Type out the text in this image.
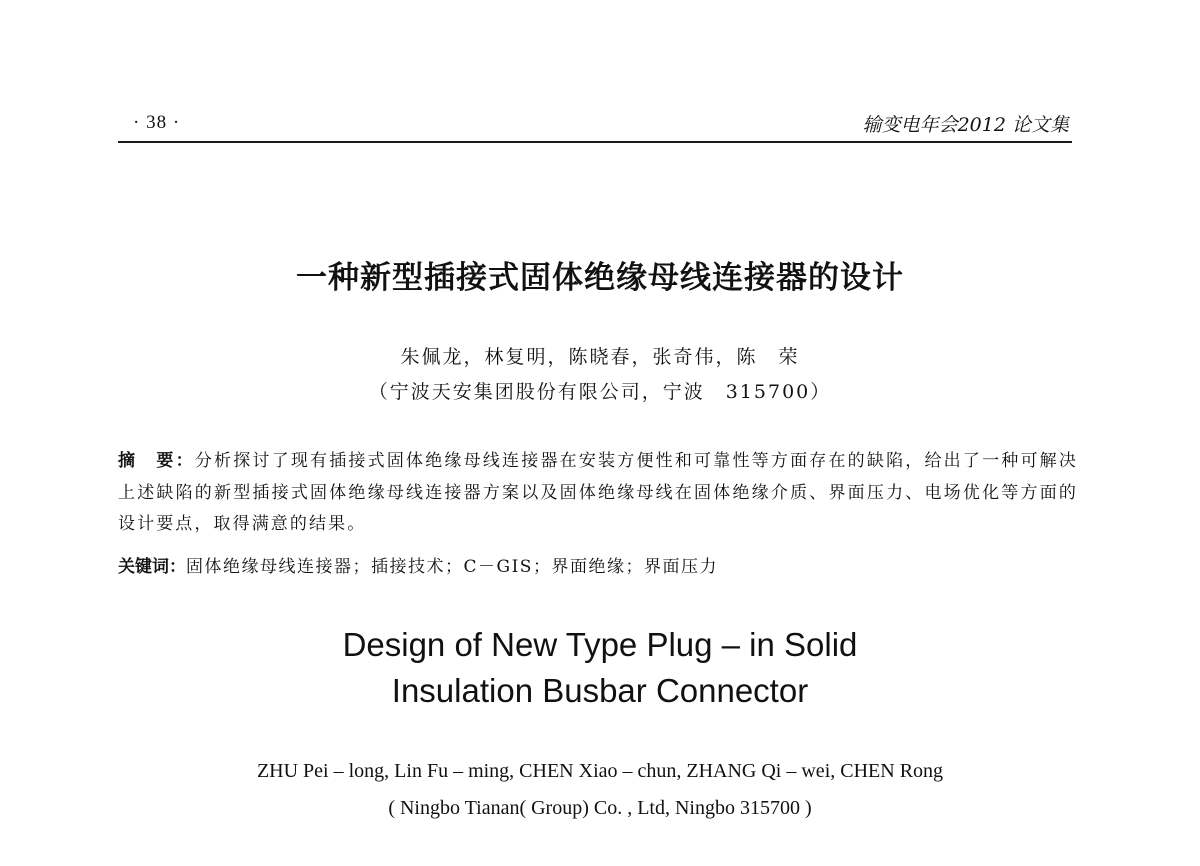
· 38 ·	输变电年会2012 论文集
一种新型插接式固体绝缘母线连接器的设计
朱佩龙，林复明，陈晓春，张奇伟，陈　荣
（宁波天安集团股份有限公司，宁波　315700）
摘　要：分析探讨了现有插接式固体绝缘母线连接器在安装方便性和可靠性等方面存在的缺陷，给出了一种可解决上述缺陷的新型插接式固体绝缘母线连接器方案以及固体绝缘母线在固体绝缘介质、界面压力、电场优化等方面的设计要点，取得满意的结果。
关键词：固体绝缘母线连接器；插接技术；C－GIS；界面绝缘；界面压力
Design of New Type Plug – in Solid
Insulation Busbar Connector
ZHU Pei – long, Lin Fu – ming, CHEN Xiao – chun, ZHANG Qi – wei, CHEN Rong
( Ningbo Tianan( Group) Co. , Ltd, Ningbo 315700 )
